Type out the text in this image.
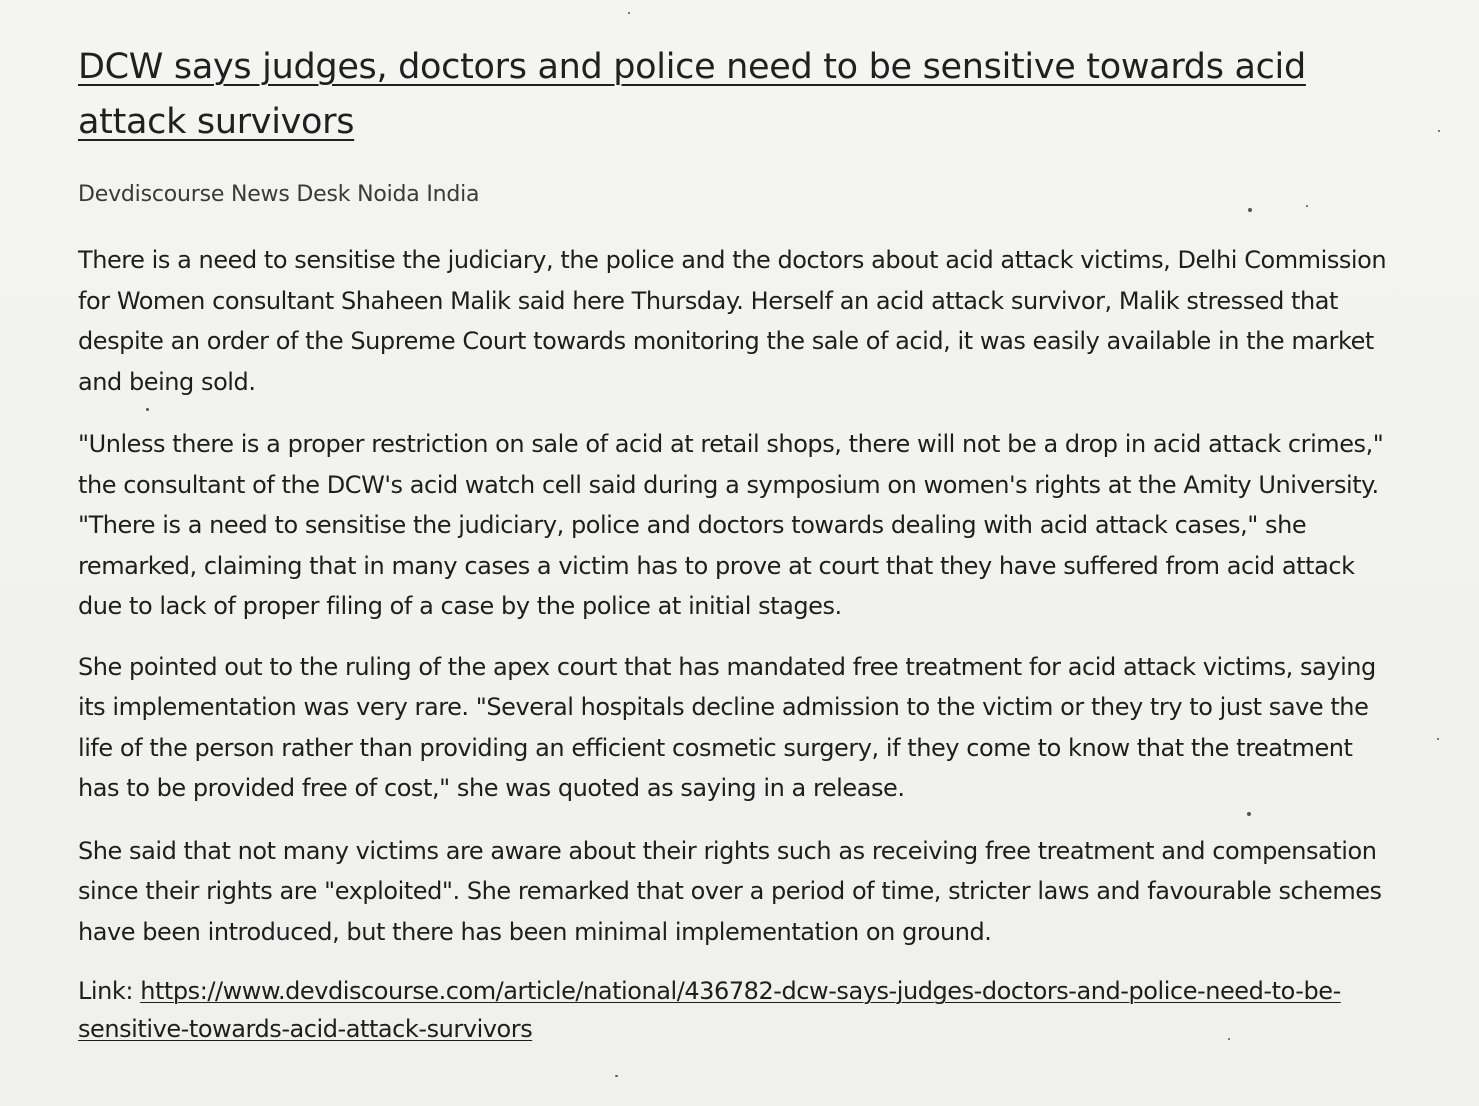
DCW says judges, doctors and police need to be sensitive towards acid attack survivors
Devdiscourse News Desk Noida India

There is a need to sensitise the judiciary, the police and the doctors about acid attack victims, Delhi Commission for Women consultant Shaheen Malik said here Thursday. Herself an acid attack survivor, Malik stressed that despite an order of the Supreme Court towards monitoring the sale of acid, it was easily available in the market and being sold.

"Unless there is a proper restriction on sale of acid at retail shops, there will not be a drop in acid attack crimes," the consultant of the DCW's acid watch cell said during a symposium on women's rights at the Amity University. "There is a need to sensitise the judiciary, police and doctors towards dealing with acid attack cases," she remarked, claiming that in many cases a victim has to prove at court that they have suffered from acid attack due to lack of proper filing of a case by the police at initial stages.

She pointed out to the ruling of the apex court that has mandated free treatment for acid attack victims, saying its implementation was very rare. "Several hospitals decline admission to the victim or they try to just save the life of the person rather than providing an efficient cosmetic surgery, if they come to know that the treatment has to be provided free of cost," she was quoted as saying in a release.

She said that not many victims are aware about their rights such as receiving free treatment and compensation since their rights are "exploited". She remarked that over a period of time, stricter laws and favourable schemes have been introduced, but there has been minimal implementation on ground.

Link: https://www.devdiscourse.com/article/national/436782-dcw-says-judges-doctors-and-police-need-to-be-sensitive-towards-acid-attack-survivors
